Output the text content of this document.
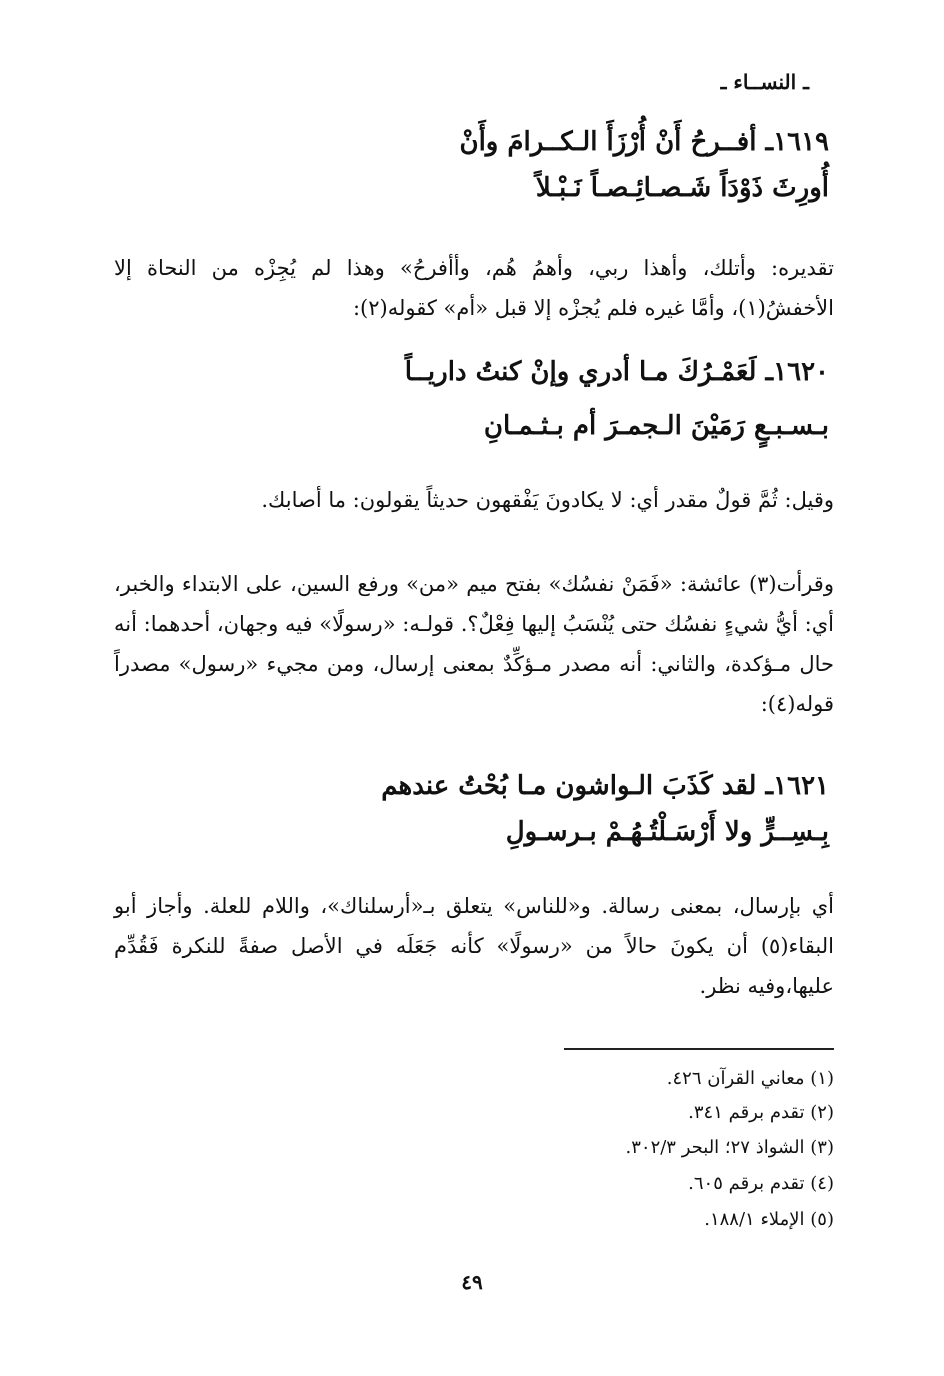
ـ النســاء ـ
١٦١٩ـ أفــرحُ أَنْ أُرْزَأَ الـكــرامَ وأَنْ
أُورِثَ ذَوْدَاً شَـصـائِـصـاً نَـبْـلاً
تقديره: وأتلك، وأهذا ربي، وأهمُ هُم، وأأفرحُ» وهذا لم يُجِزْه من النحاة إلا الأخفشُ(١)، وأمَّا غيره فلم يُجزْه إلا قبل «أم» كقوله(٢):
١٦٢٠ـ لَعَمْـرُكَ مـا أدري وإنْ كنتُ داريــاً
بـسـبـعٍ رَمَيْنَ الـجمـرَ أم بـثـمـانِ
وقيل: ثُمَّ قولٌ مقدر أي: لا يكادونَ يَفْقهون حديثاً يقولون: ما أصابك.
وقرأت(٣) عائشة: «فَمَنْ نفسُك» بفتح ميم «من» ورفع السين، على الابتداء والخبر، أي: أيُّ شيءٍ نفسُك حتى يُنْسَبُ إليها فِعْلٌ؟. قولـه: «رسولًا» فيه وجهان، أحدهما: أنه حال مـؤكدة، والثاني: أنه مصدر مـؤكِّدٌ بمعنى إرسال، ومن مجيء «رسول» مصدراً قوله(٤):
١٦٢١ـ لقد كَذَبَ الـواشون مـا بُحْتُ عندهم
بِـسِــرٍّ ولا أَرْسَـلْتُـهُـمْ بـرسـولِ
أي بإرسال، بمعنى رسالة. و«للناس» يتعلق بـ«أرسلناك»، واللام للعلة. وأجاز أبو البقاء(٥) أن يكونَ حالاً من «رسولًا» كأنه جَعَلَه في الأصل صفةً للنكرة فَقُدِّم عليها،وفيه نظر.
(١) معاني القرآن ٤٢٦.
(٢) تقدم برقم ٣٤١.
(٣) الشواذ ٢٧؛ البحر ٣٠٢/٣.
(٤) تقدم برقم ٦٠٥.
(٥) الإملاء ١٨٨/١.
٤٩
